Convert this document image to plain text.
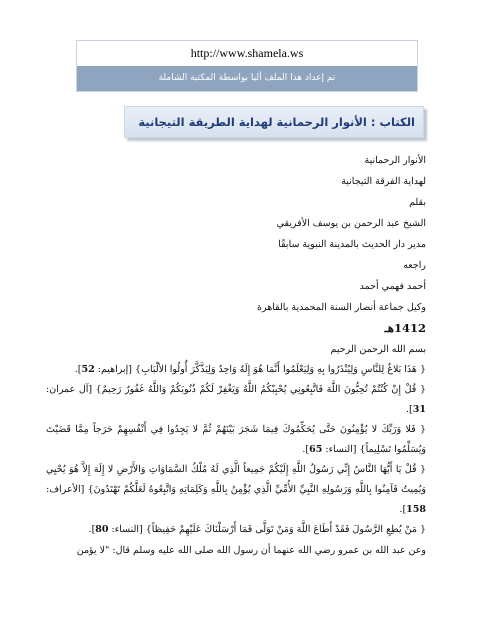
http://www.shamela.ws
تم إعداد هذا الملف آليا بواسطة المكتبة الشاملة
الكتاب : الأنوار الرحمانية لهداية الطريقة التيجانية
الأنوار الرحمانية
لهداية الفرقة التيجانية
بقلم
الشيخ عبد الرحمن بن يوسف الأفريقي
مدير دار الحديث بالمدينة النبوية سابقًا
راجعه
أحمد فهمي أحمد
وكيل جماعة أنصار السنة المحمدية بالقاهرة
1412هـ
بسم الله الرحمن الرحيم
{ هَذَا بَلاغٌ لِلنَّاسِ وَلِيُنْذَرُوا بِهِ وَلِيَعْلَمُوا أَنَّمَا هُوَ إِلَهٌ وَاحِدٌ وَلِيَذَّكَّرَ أُولُوا الألْبَابِ} [إبراهيم: 52].
{ قُلْ إِنْ كُنْتُمْ تُحِبُّونَ اللَّهَ فَاتَّبِعُونِي يُحْبِبْكُمُ اللَّهُ وَيَغْفِرْ لَكُمْ ذُنُوبَكُمْ وَاللَّهُ غَفُورٌ رَحِيمٌ} [آل عمران: 31].
{ فَلا وَرَبِّكَ لا يُؤْمِنُونَ حَتَّى يُحَكِّمُوكَ فِيمَا شَجَرَ بَيْنَهُمْ ثُمَّ لا يَجِدُوا فِي أَنْفُسِهِمْ حَرَجاً مِمَّا قَضَيْتَ وَيُسَلِّمُوا تَسْلِيماً} [النساء: 65].
{ قُلْ يَا أَيُّهَا النَّاسُ إِنِّي رَسُولُ اللَّهِ إِلَيْكُمْ جَمِيعاً الَّذِي لَهُ مُلْكُ السَّمَاوَاتِ وَالأَرْضِ لا إِلَهَ إِلاَّ هُوَ يُحْيِي وَيُمِيتُ فَآمِنُوا بِاللَّهِ وَرَسُولِهِ النَّبِيِّ الأُمِّيِّ الَّذِي يُؤْمِنُ بِاللَّهِ وَكَلِمَاتِهِ وَاتَّبِعُوهُ لَعَلَّكُمْ تَهْتَدُونَ} [الأعراف: 158].
{ مَنْ يُطِعِ الرَّسُولَ فَقَدْ أَطَاعَ اللَّهَ وَمَنْ تَوَلَّى فَمَا أَرْسَلْنَاكَ عَلَيْهِمْ حَفِيظاً} [النساء: 80].
وعن عبد الله بن عمرو رضي الله عنهما أن رسول الله صلى الله عليه وسلم قال: "لا يؤمن
